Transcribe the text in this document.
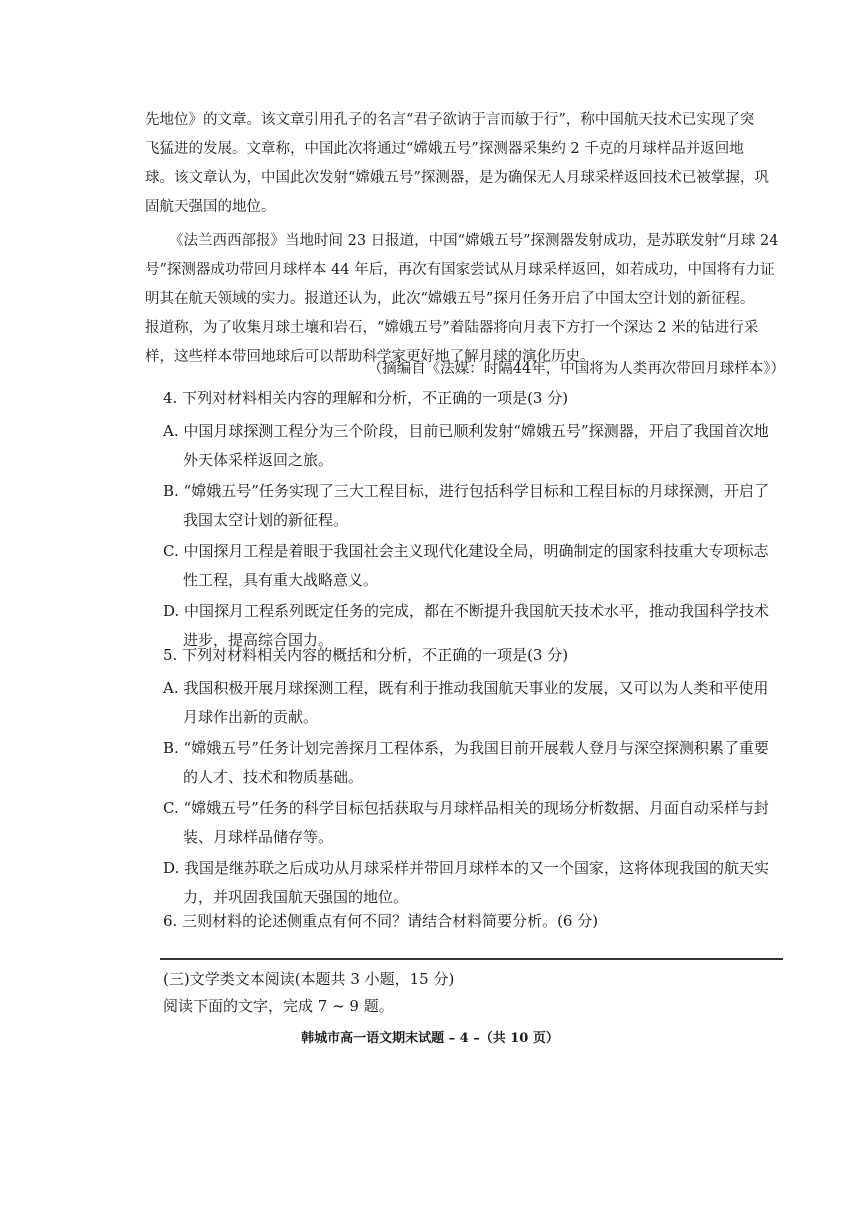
先地位》的文章。该文章引用孔子的名言“君子欲讷于言而敏于行”，称中国航天技术已实现了突
飞猛进的发展。文章称，中国此次将通过“嫦娥五号”探测器采集约 2 千克的月球样品并返回地
球。该文章认为，中国此次发射“嫦娥五号”探测器，是为确保无人月球采样返回技术已被掌握，巩
固航天强国的地位。
《法兰西西部报》当地时间 23 日报道，中国“嫦娥五号”探测器发射成功，是苏联发射“月球 24
号”探测器成功带回月球样本 44 年后，再次有国家尝试从月球采样返回，如若成功，中国将有力证
明其在航天领域的实力。报道还认为，此次“嫦娥五号”探月任务开启了中国太空计划的新征程。
报道称，为了收集月球土壤和岩石，“嫦娥五号”着陆器将向月表下方打一个深达 2 米的钻进行采
样，这些样本带回地球后可以帮助科学家更好地了解月球的演化历史。
（摘编自《法媒：时隔44年，中国将为人类再次带回月球样本》）
4. 下列对材料相关内容的理解和分析，不正确的一项是(3 分)
A. 中国月球探测工程分为三个阶段，目前已顺利发射“嫦娥五号”探测器，开启了我国首次地
外天体采样返回之旅。
B. “嫦娥五号”任务实现了三大工程目标，进行包括科学目标和工程目标的月球探测，开启了
我国太空计划的新征程。
C. 中国探月工程是着眼于我国社会主义现代化建设全局，明确制定的国家科技重大专项标志
性工程，具有重大战略意义。
D. 中国探月工程系列既定任务的完成，都在不断提升我国航天技术水平，推动我国科学技术
进步，提高综合国力。
5. 下列对材料相关内容的概括和分析，不正确的一项是(3 分)
A. 我国积极开展月球探测工程，既有利于推动我国航天事业的发展，又可以为人类和平使用
月球作出新的贡献。
B. “嫦娥五号”任务计划完善探月工程体系，为我国目前开展载人登月与深空探测积累了重要
的人才、技术和物质基础。
C. “嫦娥五号”任务的科学目标包括获取与月球样品相关的现场分析数据、月面自动采样与封
装、月球样品储存等。
D. 我国是继苏联之后成功从月球采样并带回月球样本的又一个国家，这将体现我国的航天实
力，并巩固我国航天强国的地位。
6. 三则材料的论述侧重点有何不同？请结合材料简要分析。(6 分)
(三)文学类文本阅读(本题共 3 小题，15 分)
阅读下面的文字，完成 7 ~ 9 题。
韩城市高一语文期末试题 – 4 –（共 10 页）
